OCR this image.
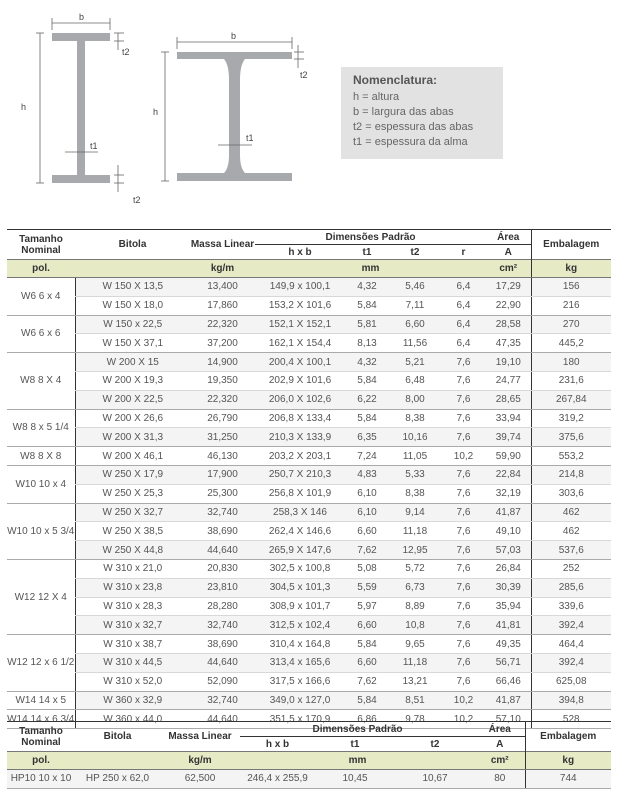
b
h
t2
t1
t2
b
h
t2
t1
Nomenclatura:
h = altura
b = largura das abas
t2 = espessura das abas
t1 = espessura da alma
Tamanho Nominal	Bitola	Massa Linear	Dimensões Padrão				Área	Embalagem
			h x b	t1	t2	r	A	
pol.		kg/m	mm				cm²	kg
W6 6 x 4	W 150 X 13,5	13,400	149,9 x 100,1	4,32	5,46	6,4	17,29	156
	W 150 X 18,0	17,860	153,2 X 101,6	5,84	7,11	6,4	22,90	216
W6 6 x 6	W 150 x 22,5	22,320	152,1 X 152,1	5,81	6,60	6,4	28,58	270
	W 150 X 37,1	37,200	162,1 X 154,4	8,13	11,56	6,4	47,35	445,2
W8 8 X 4	W 200 X 15	14,900	200,4 X 100,1	4,32	5,21	7,6	19,10	180
	W 200 X 19,3	19,350	202,9 X 101,6	5,84	6,48	7,6	24,77	231,6
	W 200 X 22,5	22,320	206,0 X 102,6	6,22	8,00	7,6	28,65	267,84
W8 8 x 5 1/4	W 200 X 26,6	26,790	206,8 X 133,4	5,84	8,38	7,6	33,94	319,2
	W 200 X 31,3	31,250	210,3 X 133,9	6,35	10,16	7,6	39,74	375,6
W8 8 X 8	W 200 X 46,1	46,130	203,2 X 203,1	7,24	11,05	10,2	59,90	553,2
W10 10 x 4	W 250 X 17,9	17,900	250,7 X 210,3	4,83	5,33	7,6	22,84	214,8
	W 250 X 25,3	25,300	256,8 X 101,9	6,10	8,38	7,6	32,19	303,6
W10 10 x 5 3/4	W 250 X 32,7	32,740	258,3 X 146	6,10	9,14	7,6	41,87	462
	W 250 X 38,5	38,690	262,4 X 146,6	6,60	11,18	7,6	49,10	462
	W 250 X 44,8	44,640	265,9 X 147,6	7,62	12,95	7,6	57,03	537,6
W12 12 X 4	W 310 x 21,0	20,830	302,5 x 100,8	5,08	5,72	7,6	26,84	252
	W 310 x 23,8	23,810	304,5 x 101,3	5,59	6,73	7,6	30,39	285,6
	W 310 x 28,3	28,280	308,9 x 101,7	5,97	8,89	7,6	35,94	339,6
	W 310 x 32,7	32,740	312,5 x 102,4	6,60	10,8	7,6	41,81	392,4
W12 12 x 6 1/2	W 310 x 38,7	38,690	310,4 x 164,8	5,84	9,65	7,6	49,35	464,4
	W 310 x 44,5	44,640	313,4 x 165,6	6,60	11,18	7,6	56,71	392,4
	W 310 x 52,0	52,090	317,5 x 166,6	7,62	13,21	7,6	66,46	625,08
W14 14 x 5	W 360 x 32,9	32,740	349,0 x 127,0	5,84	8,51	10,2	41,87	394,8
W14 14 x 6 3/4	W 360 x 44,0	44,640	351,5 x 170,9	6,86	9,78	10,2	57,10	528
Tamanho Nominal	Bitola	Massa Linear	Dimensões Padrão			Área	Embalagem
			h x b	t1	t2	A	
pol.		kg/m	mm			cm²	kg
HP10 10 x 10	HP 250 x 62,0	62,500	246,4 x 255,9	10,45	10,67	80	744
